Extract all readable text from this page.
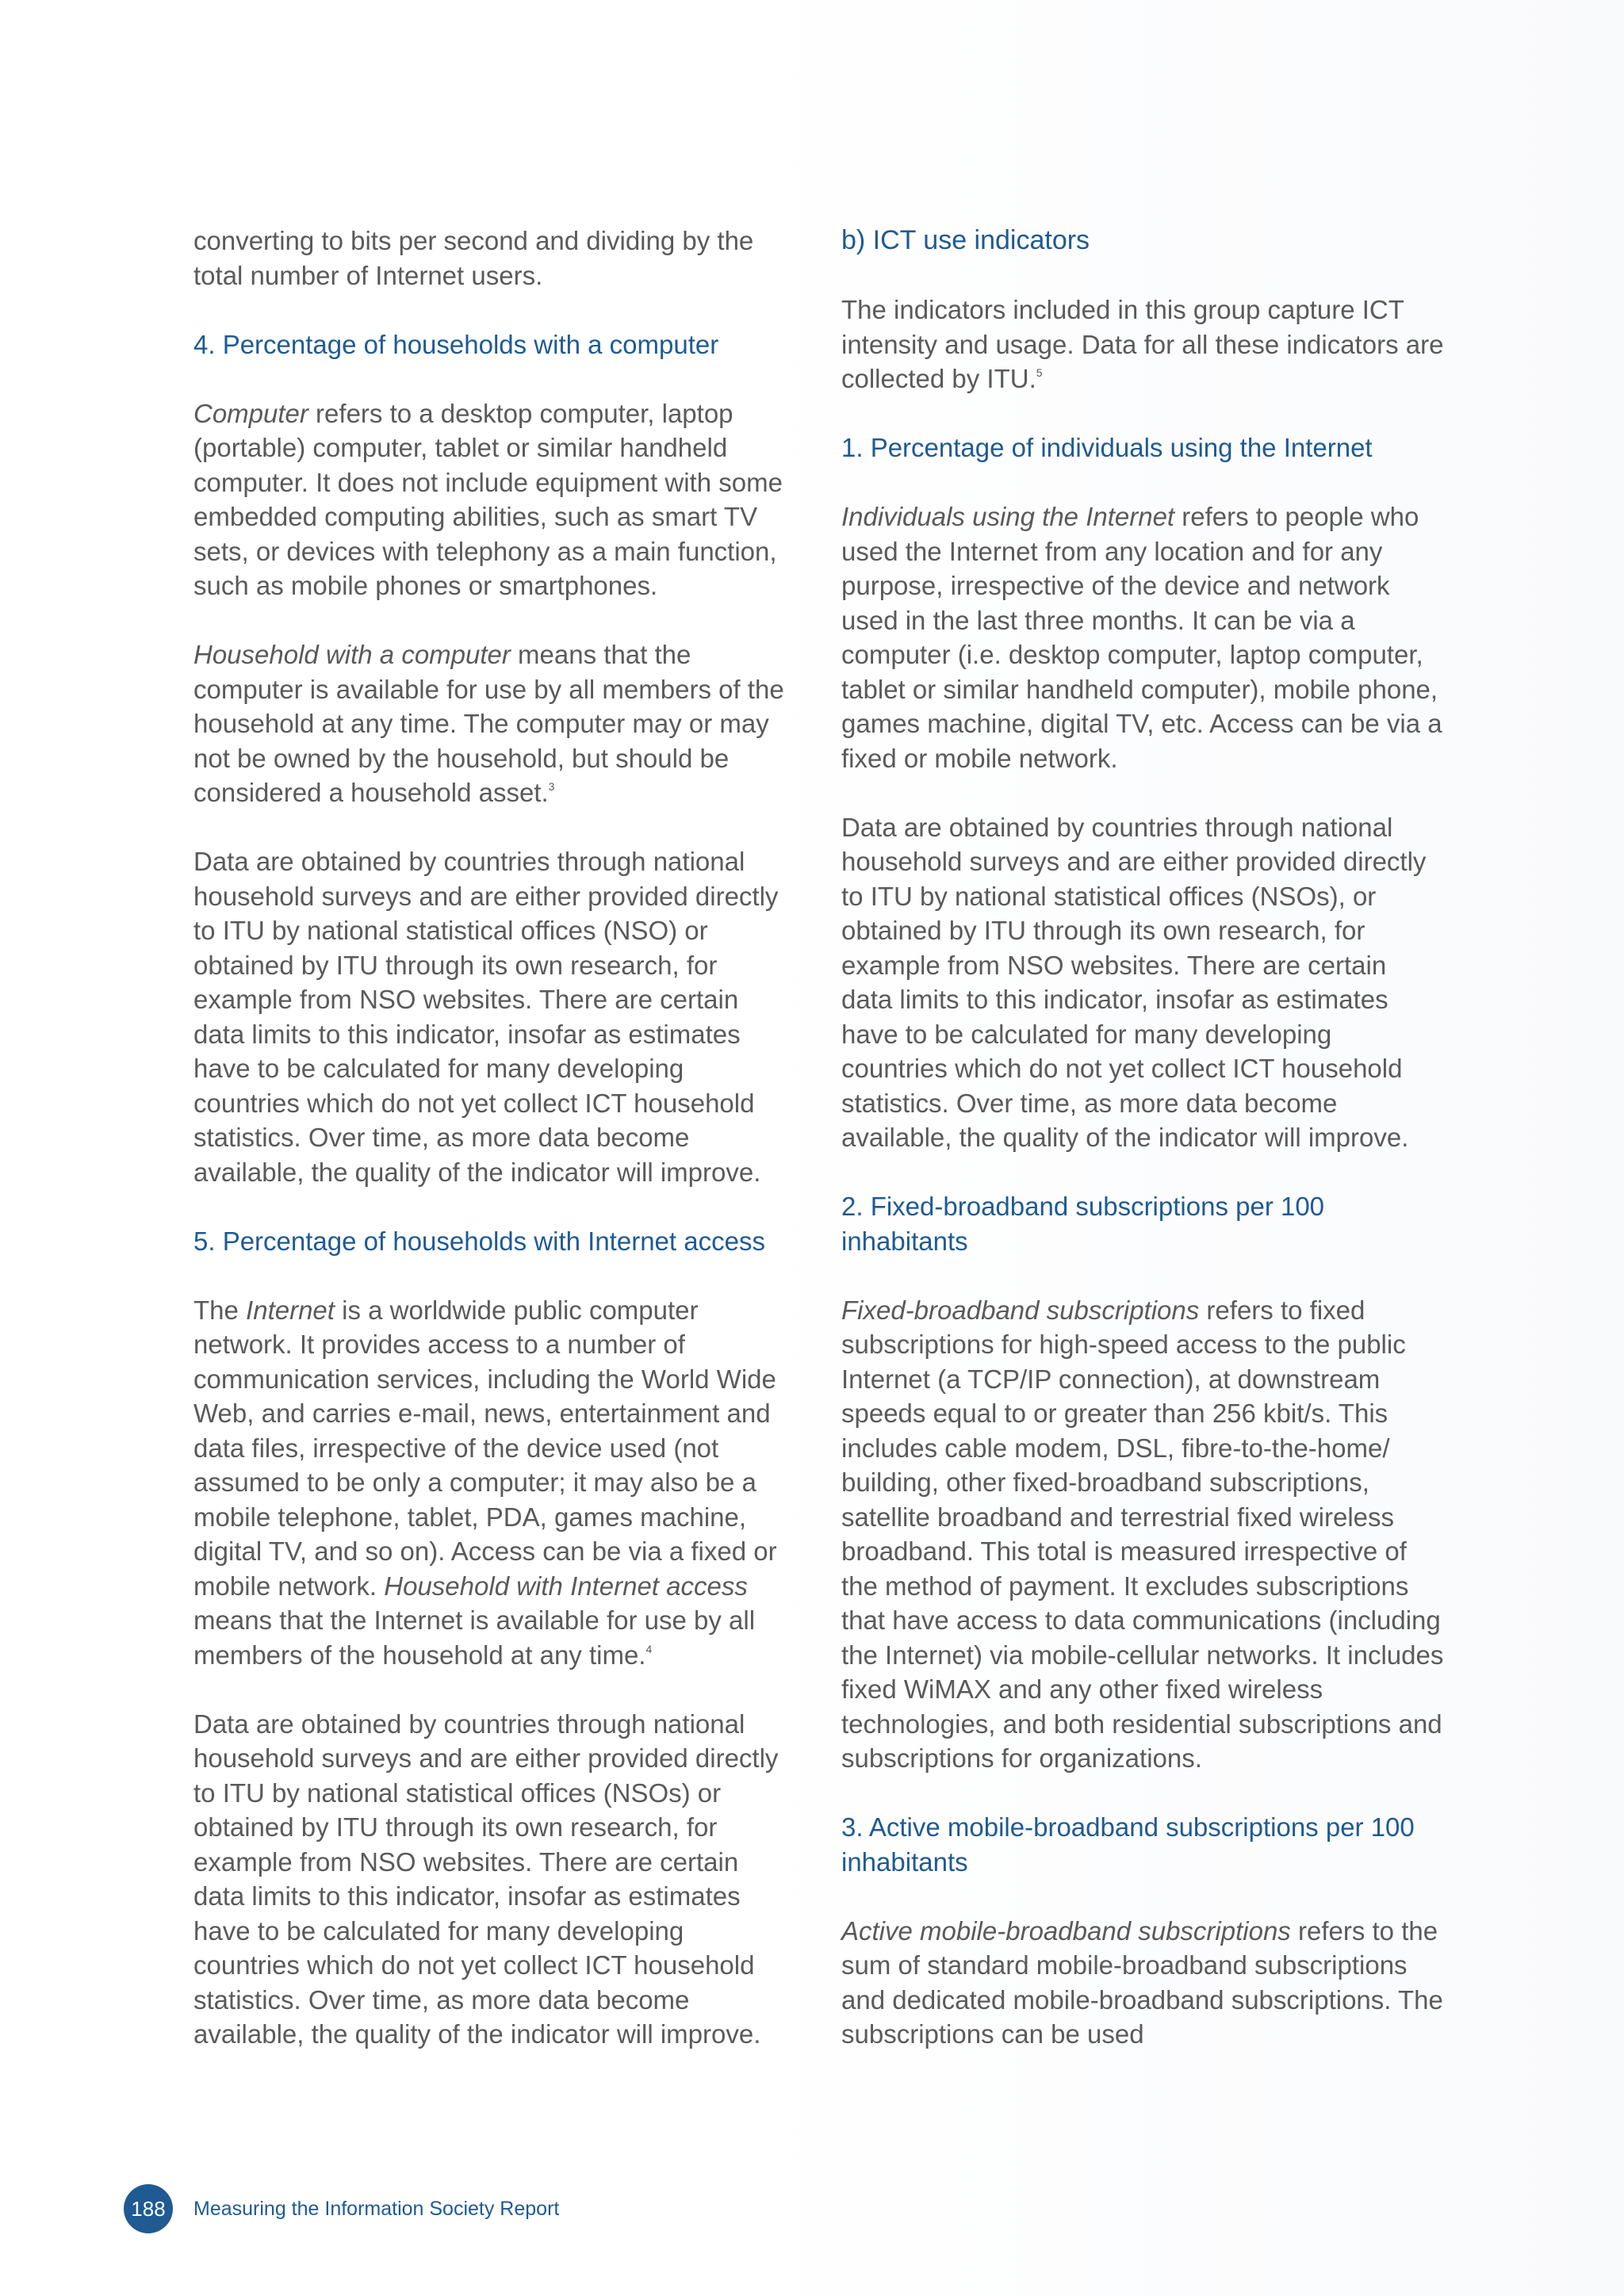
converting to bits per second and dividing by the total number of Internet users.

4. Percentage of households with a computer

Computer refers to a desktop computer, laptop (portable) computer, tablet or similar handheld computer. It does not include equipment with some embedded computing abilities, such as smart TV sets, or devices with telephony as a main function, such as mobile phones or smartphones.

Household with a computer means that the computer is available for use by all members of the household at any time. The computer may or may not be owned by the household, but should be considered a household asset.$^3$

Data are obtained by countries through national household surveys and are either provided directly to ITU by national statistical offices (NSO) or obtained by ITU through its own research, for example from NSO websites. There are certain data limits to this indicator, insofar as estimates have to be calculated for many developing countries which do not yet collect ICT household statistics. Over time, as more data become available, the quality of the indicator will improve.

5. Percentage of households with Internet access

The Internet is a worldwide public computer network. It provides access to a number of communication services, including the World Wide Web, and carries e-mail, news, entertainment and data files, irrespective of the device used (not assumed to be only a computer; it may also be a mobile telephone, tablet, PDA, games machine, digital TV, and so on). Access can be via a fixed or mobile network. Household with Internet access means that the Internet is available for use by all members of the household at any time.$^4$

Data are obtained by countries through national household surveys and are either provided directly to ITU by national statistical offices (NSOs) or obtained by ITU through its own research, for example from NSO websites. There are certain data limits to this indicator, insofar as estimates have to be calculated for many developing countries which do not yet collect ICT household statistics. Over time, as more data become available, the quality of the indicator will improve.

b) ICT use indicators

The indicators included in this group capture ICT intensity and usage. Data for all these indicators are collected by ITU.$^5$

1. Percentage of individuals using the Internet

Individuals using the Internet refers to people who used the Internet from any location and for any purpose, irrespective of the device and network used in the last three months. It can be via a computer (i.e. desktop computer, laptop computer, tablet or similar handheld computer), mobile phone, games machine, digital TV, etc. Access can be via a fixed or mobile network.

Data are obtained by countries through national household surveys and are either provided directly to ITU by national statistical offices (NSOs), or obtained by ITU through its own research, for example from NSO websites. There are certain data limits to this indicator, insofar as estimates have to be calculated for many developing countries which do not yet collect ICT household statistics. Over time, as more data become available, the quality of the indicator will improve.

2. Fixed-broadband subscriptions per 100 inhabitants

Fixed-broadband subscriptions refers to fixed subscriptions for high-speed access to the public Internet (a TCP/IP connection), at downstream speeds equal to or greater than 256 kbit/s. This includes cable modem, DSL, fibre-to-the-home/ building, other fixed-broadband subscriptions, satellite broadband and terrestrial fixed wireless broadband. This total is measured irrespective of the method of payment. It excludes subscriptions that have access to data communications (including the Internet) via mobile-cellular networks. It includes fixed WiMAX and any other fixed wireless technologies, and both residential subscriptions and subscriptions for organizations.

3. Active mobile-broadband subscriptions per 100 inhabitants

Active mobile-broadband subscriptions refers to the sum of standard mobile-broadband subscriptions and dedicated mobile-broadband subscriptions. The subscriptions can be used

188	Measuring the Information Society Report
